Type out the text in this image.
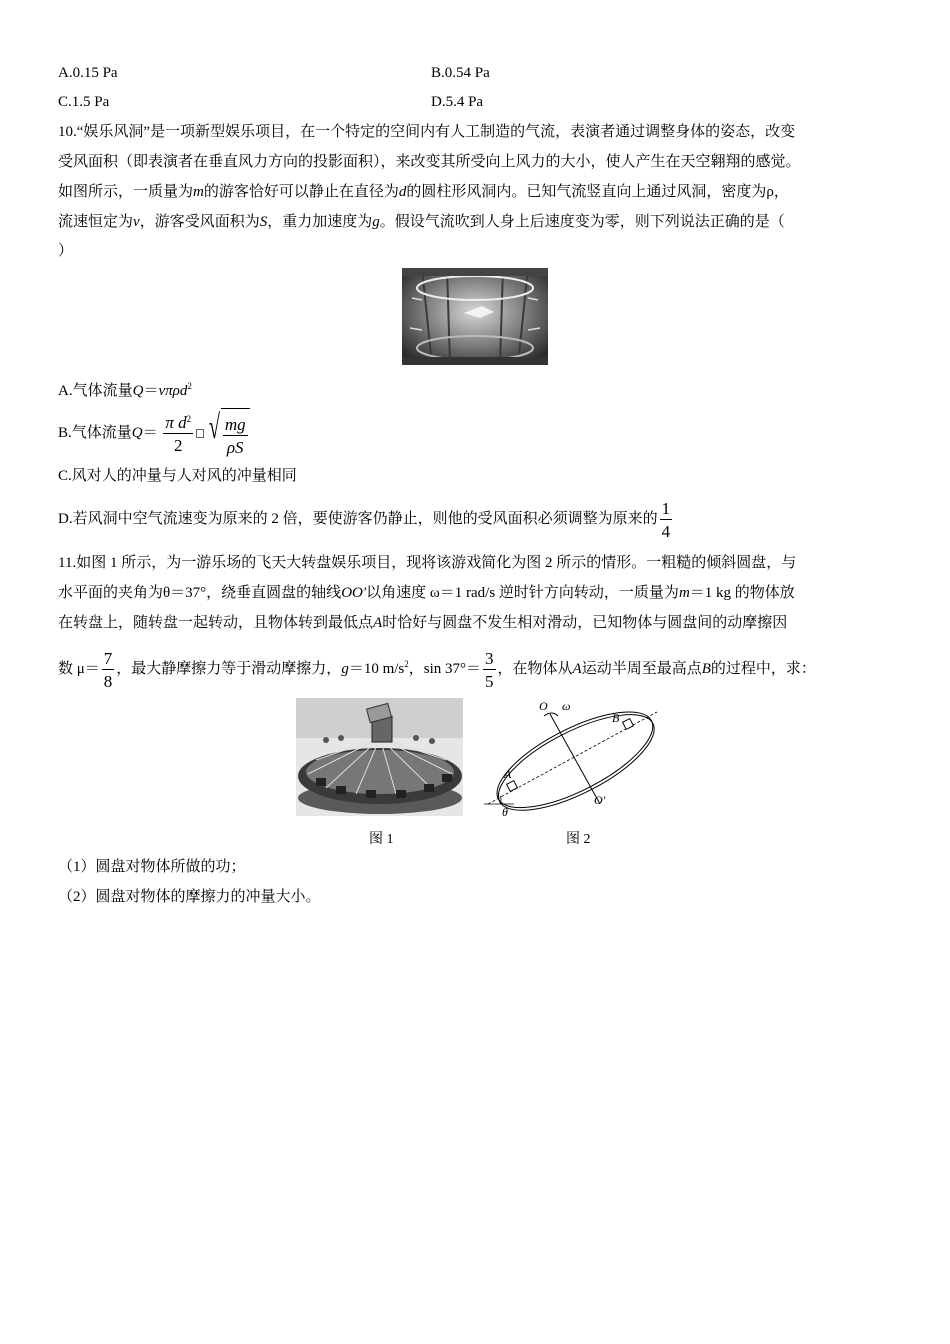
A.0.15 Pa	B.0.54 Pa
C.1.5 Pa	D.5.4 Pa
10.“娱乐风洞”是一项新型娱乐项目，在一个特定的空间内有人工制造的气流，表演者通过调整身体的姿态，改变
受风面积（即表演者在垂直风力方向的投影面积），来改变其所受向上风力的大小，使人产生在天空翱翔的感觉。
如图所示，一质量为m的游客恰好可以静止在直径为d的圆柱形风洞内。已知气流竖直向上通过风洞，密度为ρ，
流速恒定为v，游客受风面积为S，重力加速度为g。假设气流吹到人身上后速度变为零，则下列说法正确的是（
）
A.气体流量Q＝vπρd$^2$
B.气体流量$Q= \frac{\pi d^2}{2}$ √ $\frac{mg}{\rho S}$
C.风对人的冲量与人对风的冲量相同
D.若风洞中空气流速变为原来的 2 倍，要使游客仍静止，则他的受风面积必须调整为原来的 $\frac{1}{4}$
11.如图 1 所示，为一游乐场的飞天大转盘娱乐项目，现将该游戏简化为图 2 所示的情形。一粗糙的倾斜圆盘，与
水平面的夹角为θ＝37°，绕垂直圆盘的轴线OO′以角速度 ω＝1 rad/s 逆时针方向转动，一质量为m＝1 kg 的物体放
在转盘上，随转盘一起转动，且物体转到最低点A时恰好与圆盘不发生相对滑动，已知物体与圆盘间的动摩擦因
数 $\mu= \frac{7}{8}$ ，最大静摩擦力等于滑动摩擦力，g＝10 $m/s^2$，$\sin 37^\circ= \frac{3}{5}$ ，在物体从A运动半周至最高点B的过程中，求：
O ω
B
A
O′
θ
图 1	图 2
（1）圆盘对物体所做的功；
（2）圆盘对物体的摩擦力的冲量大小。
